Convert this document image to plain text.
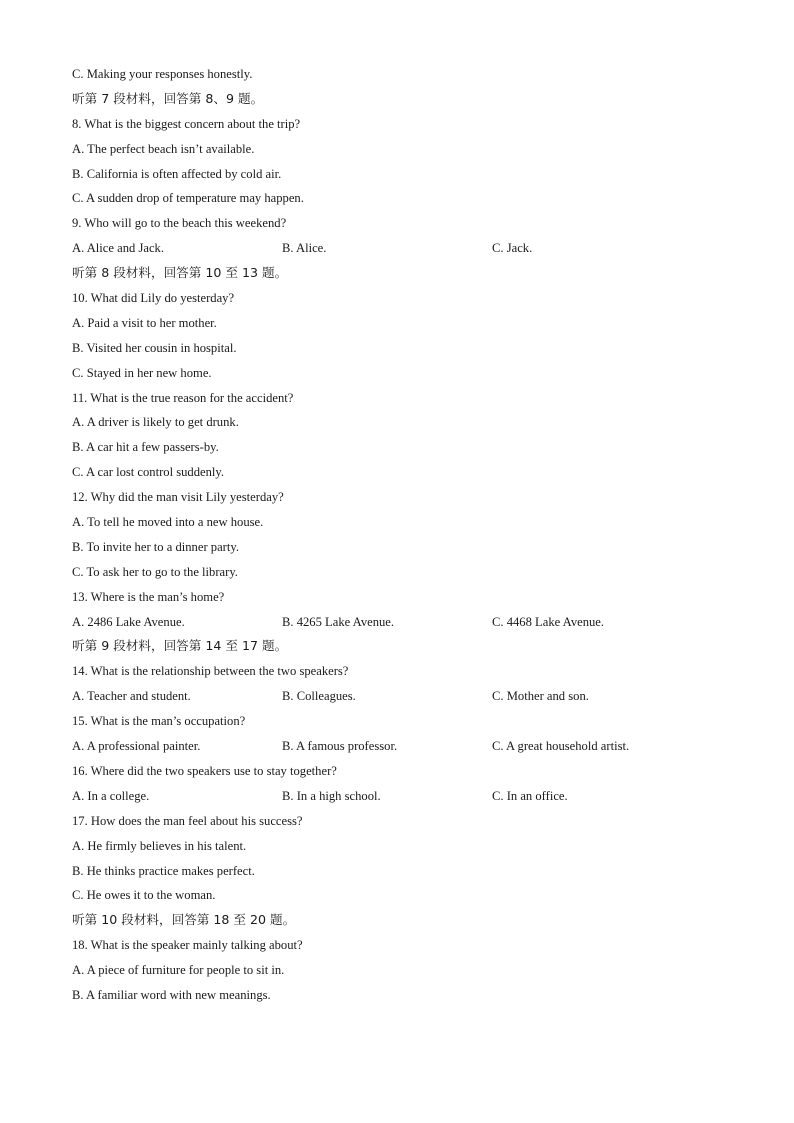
C. Making your responses honestly.
听第 7 段材料，回答第 8、9 题。
8. What is the biggest concern about the trip?
A. The perfect beach isn’t available.
B. California is often affected by cold air.
C. A sudden drop of temperature may happen.
9. Who will go to the beach this weekend?
A. Alice and Jack.	B. Alice.	C. Jack.
听第 8 段材料，回答第 10 至 13 题。
10. What did Lily do yesterday?
A. Paid a visit to her mother.
B. Visited her cousin in hospital.
C. Stayed in her new home.
11. What is the true reason for the accident?
A. A driver is likely to get drunk.
B. A car hit a few passers-by.
C. A car lost control suddenly.
12. Why did the man visit Lily yesterday?
A. To tell he moved into a new house.
B. To invite her to a dinner party.
C. To ask her to go to the library.
13. Where is the man’s home?
A. 2486 Lake Avenue.	B. 4265 Lake Avenue.	C. 4468 Lake Avenue.
听第 9 段材料，回答第 14 至 17 题。
14. What is the relationship between the two speakers?
A. Teacher and student.	B. Colleagues.	C. Mother and son.
15. What is the man’s occupation?
A. A professional painter.	B. A famous professor.	C. A great household artist.
16. Where did the two speakers use to stay together?
A. In a college.	B. In a high school.	C. In an office.
17. How does the man feel about his success?
A. He firmly believes in his talent.
B. He thinks practice makes perfect.
C. He owes it to the woman.
听第 10 段材料，回答第 18 至 20 题。
18. What is the speaker mainly talking about?
A. A piece of furniture for people to sit in.
B. A familiar word with new meanings.
